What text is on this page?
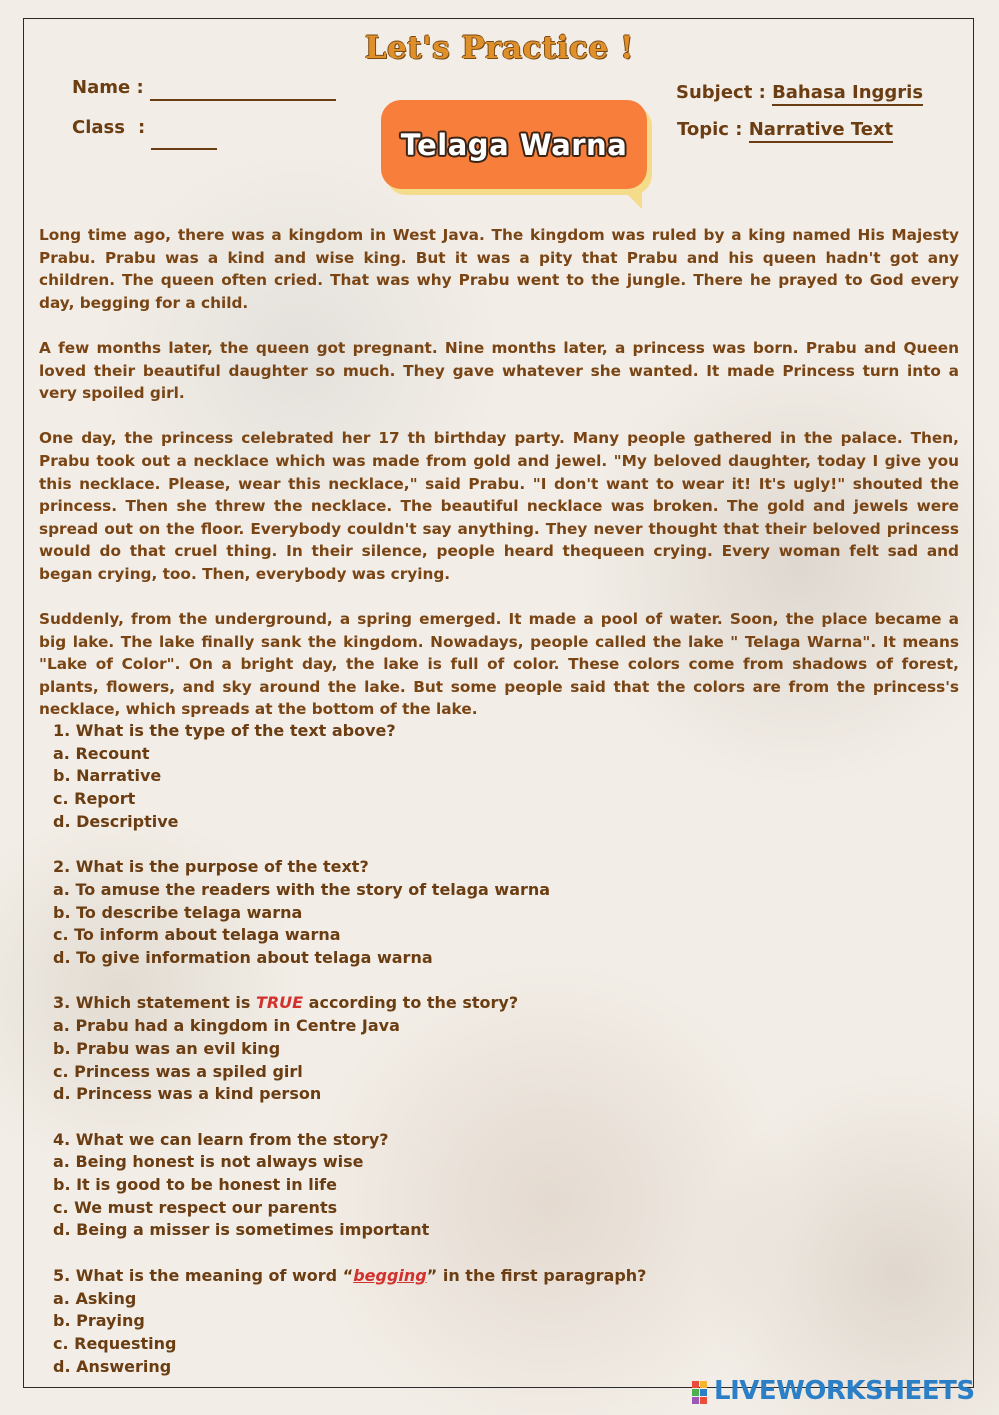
Let's Practice !
Name :
Class :
Subject : Bahasa Inggris
Topic : Narrative Text
Telaga Warna

Long time ago, there was a kingdom in West Java. The kingdom was ruled by a king named His Majesty Prabu. Prabu was a kind and wise king. But it was a pity that Prabu and his queen hadn't got any children. The queen often cried. That was why Prabu went to the jungle. There he prayed to God every day, begging for a child.

A few months later, the queen got pregnant. Nine months later, a princess was born. Prabu and Queen loved their beautiful daughter so much. They gave whatever she wanted. It made Princess turn into a very spoiled girl.

One day, the princess celebrated her 17 th birthday party. Many people gathered in the palace. Then, Prabu took out a necklace which was made from gold and jewel. "My beloved daughter, today I give you this necklace. Please, wear this necklace," said Prabu. "I don't want to wear it! It's ugly!" shouted the princess. Then she threw the necklace. The beautiful necklace was broken. The gold and jewels were spread out on the floor. Everybody couldn't say anything. They never thought that their beloved princess would do that cruel thing. In their silence, people heard thequeen crying. Every woman felt sad and began crying, too. Then, everybody was crying.

Suddenly, from the underground, a spring emerged. It made a pool of water. Soon, the place became a big lake. The lake finally sank the kingdom. Nowadays, people called the lake " Telaga Warna". It means "Lake of Color". On a bright day, the lake is full of color. These colors come from shadows of forest, plants, flowers, and sky around the lake. But some people said that the colors are from the princess's necklace, which spreads at the bottom of the lake.

1. What is the type of the text above?
a. Recount
b. Narrative
c. Report
d. Descriptive
2. What is the purpose of the text?
a. To amuse the readers with the story of telaga warna
b. To describe telaga warna
c. To inform about telaga warna
d. To give information about telaga warna
3. Which statement is TRUE according to the story?
a. Prabu had a kingdom in Centre Java
b. Prabu was an evil king
c. Princess was a spiled girl
d. Princess was a kind person
4. What we can learn from the story?
a. Being honest is not always wise
b. It is good to be honest in life
c. We must respect our parents
d. Being a misser is sometimes important
5. What is the meaning of word “begging” in the first paragraph?
a. Asking
b. Praying
c. Requesting
d. Answering
LIVEWORKSHEETS
